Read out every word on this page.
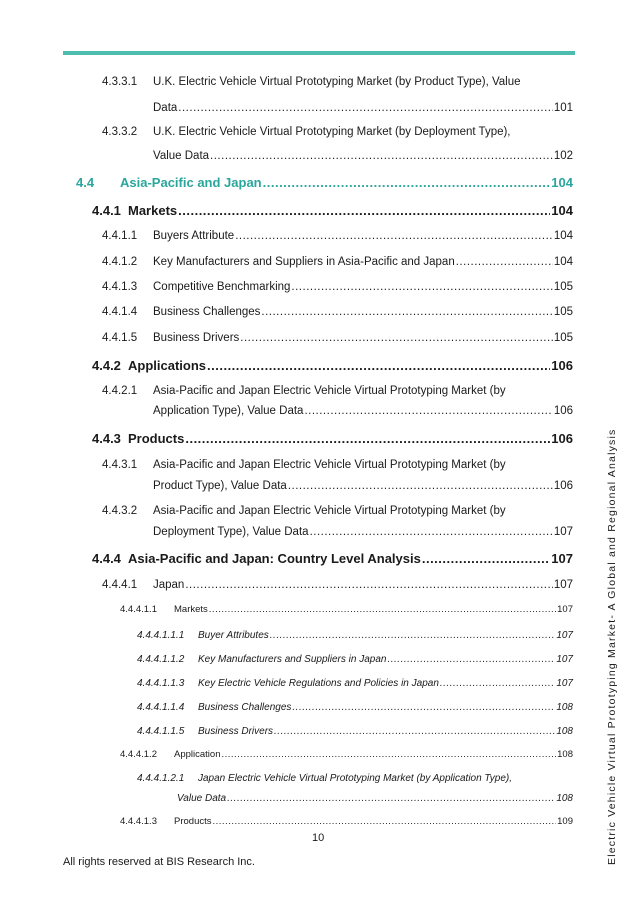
4.3.3.1 U.K. Electric Vehicle Virtual Prototyping Market (by Product Type), Value
Data .....	101
4.3.3.2 U.K. Electric Vehicle Virtual Prototyping Market (by Deployment Type),
Value Data .....	102
4.4	Asia-Pacific and Japan .....	104
4.4.1 Markets .....	104
4.4.1.1	Buyers Attribute .....	104
4.4.1.2	Key Manufacturers and Suppliers in Asia-Pacific and Japan .....	104
4.4.1.3	Competitive Benchmarking .....	105
4.4.1.4	Business Challenges .....	105
4.4.1.5	Business Drivers .....	105
4.4.2 Applications .....	106
4.4.2.1 Asia-Pacific and Japan Electric Vehicle Virtual Prototyping Market (by
Application Type), Value Data .....	106
4.4.3 Products .....	106
4.4.3.1 Asia-Pacific and Japan Electric Vehicle Virtual Prototyping Market (by
Product Type), Value Data .....	106
4.4.3.2 Asia-Pacific and Japan Electric Vehicle Virtual Prototyping Market (by
Deployment Type), Value Data .....	107
4.4.4 Asia-Pacific and Japan: Country Level Analysis .....	107
4.4.4.1	Japan .....	107
4.4.4.1.1	Markets .....	107
4.4.4.1.1.1	Buyer Attributes .....	107
4.4.4.1.1.2	Key Manufacturers and Suppliers in Japan .....	107
4.4.4.1.1.3	Key Electric Vehicle Regulations and Policies in Japan .....	107
4.4.4.1.1.4	Business Challenges .....	108
4.4.4.1.1.5	Business Drivers .....	108
4.4.4.1.2	Application .....	108
4.4.4.1.2.1 Japan Electric Vehicle Virtual Prototyping Market (by Application Type),
Value Data .....	108
4.4.4.1.3	Products .....	109
10	Electric Vehicle Virtual Prototyping Market- A Global and Regional Analysis
All rights reserved at BIS Research Inc.
